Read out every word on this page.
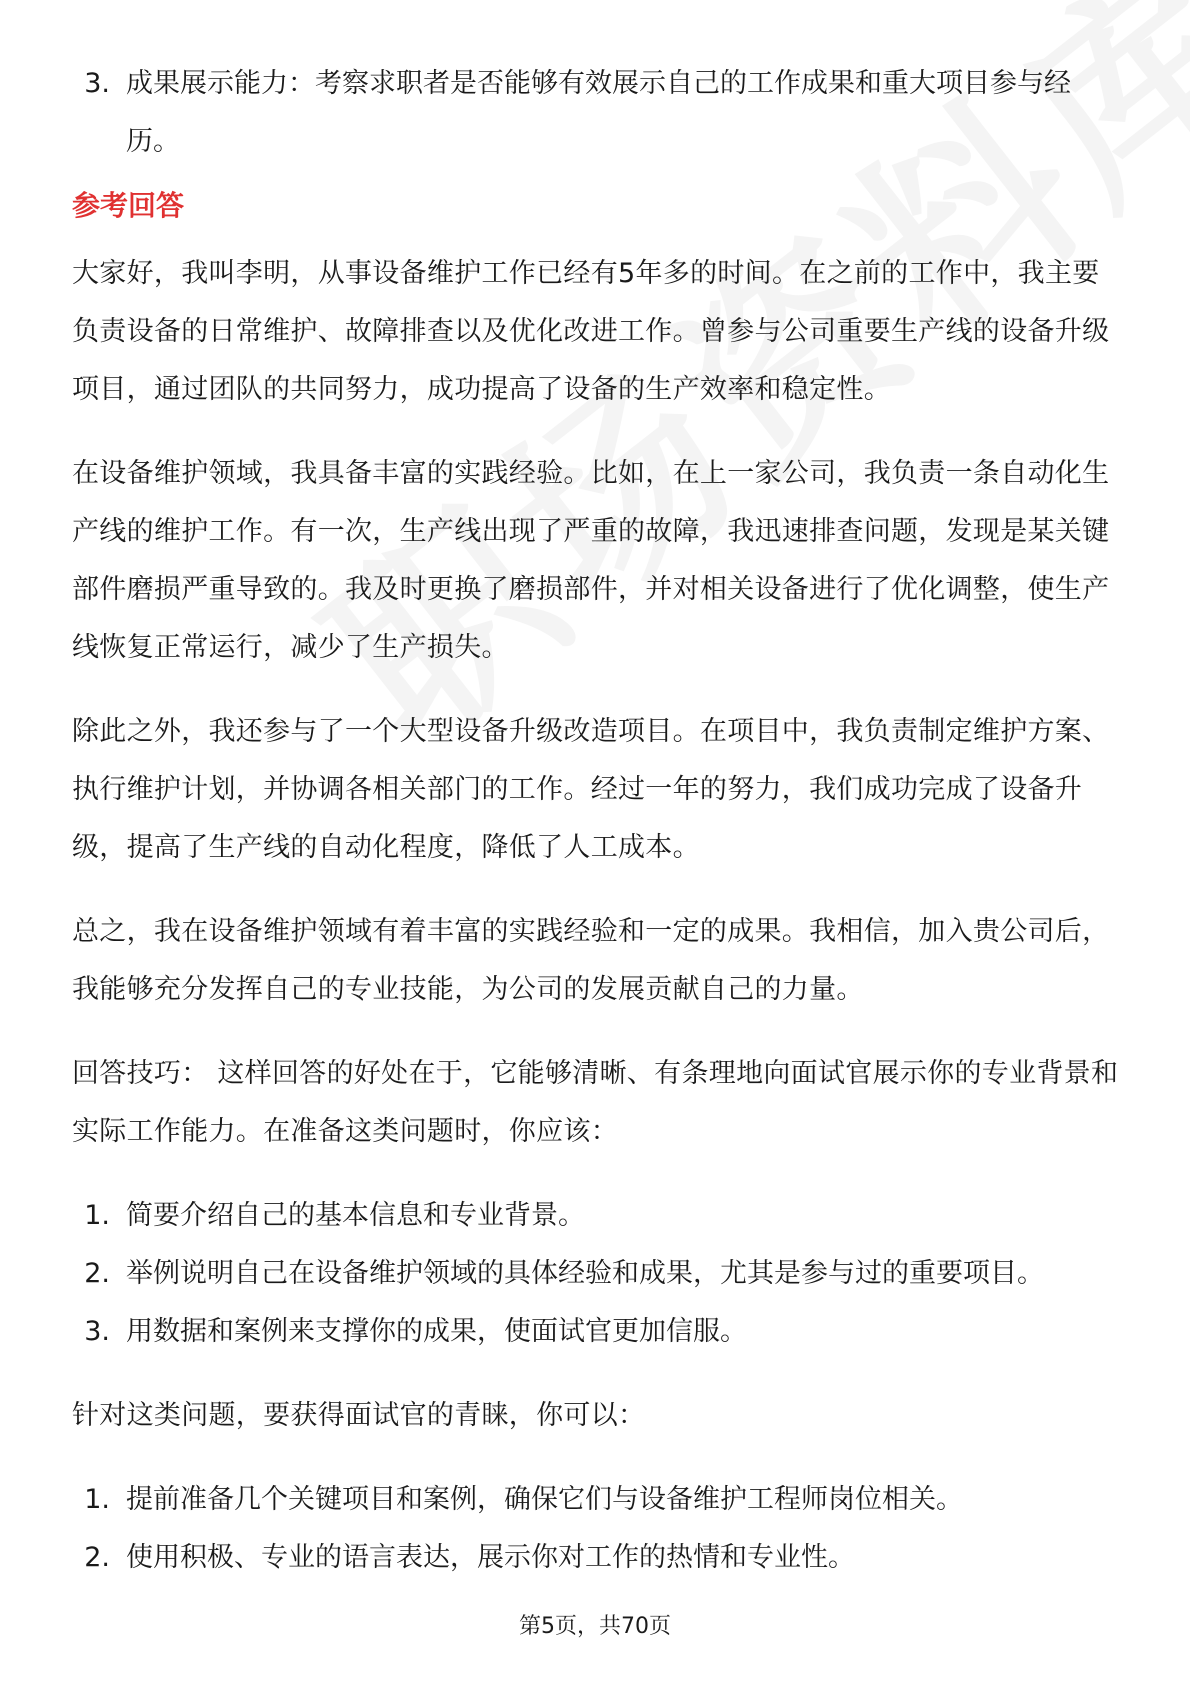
3. 成果展示能力：考察求职者是否能够有效展示自己的工作成果和重大项目参与经历。
参考回答

大家好，我叫李明，从事设备维护工作已经有5年多的时间。在之前的工作中，我主要负责设备的日常维护、故障排查以及优化改进工作。曾参与公司重要生产线的设备升级项目，通过团队的共同努力，成功提高了设备的生产效率和稳定性。

在设备维护领域，我具备丰富的实践经验。比如，在上一家公司，我负责一条自动化生产线的维护工作。有一次，生产线出现了严重的故障，我迅速排查问题，发现是某关键部件磨损严重导致的。我及时更换了磨损部件，并对相关设备进行了优化调整，使生产线恢复正常运行，减少了生产损失。

除此之外，我还参与了一个大型设备升级改造项目。在项目中，我负责制定维护方案、执行维护计划，并协调各相关部门的工作。经过一年的努力，我们成功完成了设备升级，提高了生产线的自动化程度，降低了人工成本。

总之，我在设备维护领域有着丰富的实践经验和一定的成果。我相信，加入贵公司后，我能够充分发挥自己的专业技能，为公司的发展贡献自己的力量。

回答技巧： 这样回答的好处在于，它能够清晰、有条理地向面试官展示你的专业背景和实际工作能力。在准备这类问题时，你应该：

1. 简要介绍自己的基本信息和专业背景。
2. 举例说明自己在设备维护领域的具体经验和成果，尤其是参与过的重要项目。
3. 用数据和案例来支撑你的成果，使面试官更加信服。

针对这类问题，要获得面试官的青睐，你可以：

1. 提前准备几个关键项目和案例，确保它们与设备维护工程师岗位相关。
2. 使用积极、专业的语言表达，展示你对工作的热情和专业性。
第5页，共70页
